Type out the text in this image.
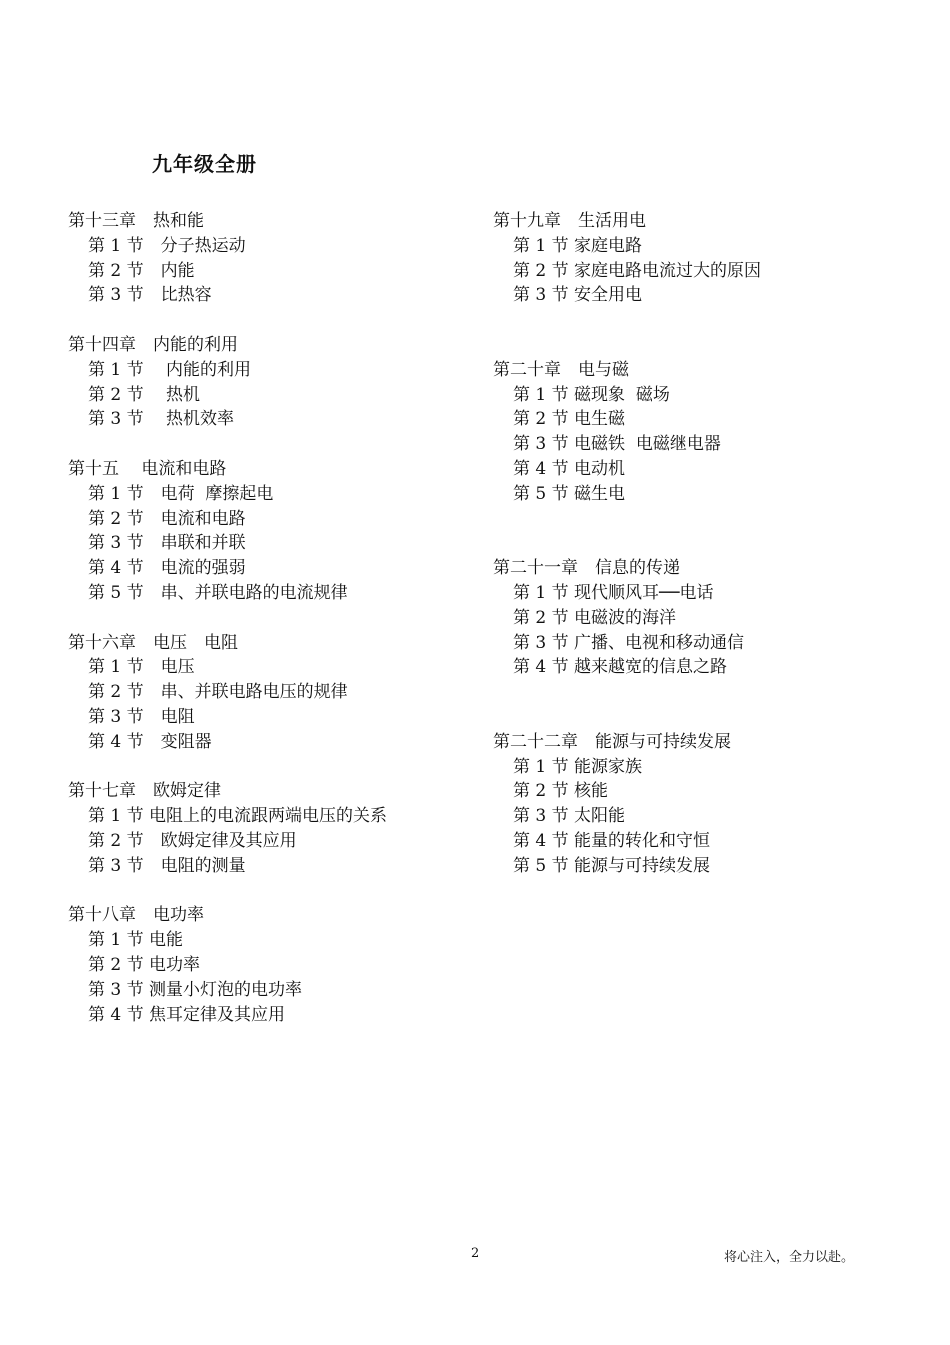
九年级全册
第十三章　热和能
第 1 节　分子热运动
第 2 节　内能
第 3 节　比热容
第十四章　内能的利用
第 1 节　 内能的利用
第 2 节　 热机
第 3 节　 热机效率
第十五　 电流和电路
第 1 节　电荷  摩擦起电
第 2 节　电流和电路
第 3 节　串联和并联
第 4 节　电流的强弱
第 5 节　串、并联电路的电流规律
第十六章　电压　电阻
第 1 节　电压
第 2 节　串、并联电路电压的规律
第 3 节　电阻
第 4 节　变阻器
第十七章　欧姆定律
第 1 节 电阻上的电流跟两端电压的关系
第 2 节　欧姆定律及其应用
第 3 节　电阻的测量
第十八章　电功率
第 1 节 电能
第 2 节 电功率
第 3 节 测量小灯泡的电功率
第 4 节 焦耳定律及其应用
第十九章　生活用电
第 1 节 家庭电路
第 2 节 家庭电路电流过大的原因
第 3 节 安全用电
第二十章　电与磁
第 1 节 磁现象  磁场
第 2 节 电生磁
第 3 节 电磁铁  电磁继电器
第 4 节 电动机
第 5 节 磁生电
第二十一章　信息的传递
第 1 节 现代顺风耳──电话
第 2 节 电磁波的海洋
第 3 节 广播、电视和移动通信
第 4 节 越来越宽的信息之路
第二十二章　能源与可持续发展
第 1 节 能源家族
第 2 节 核能
第 3 节 太阳能
第 4 节 能量的转化和守恒
第 5 节 能源与可持续发展
2	将心注入，全力以赴。
